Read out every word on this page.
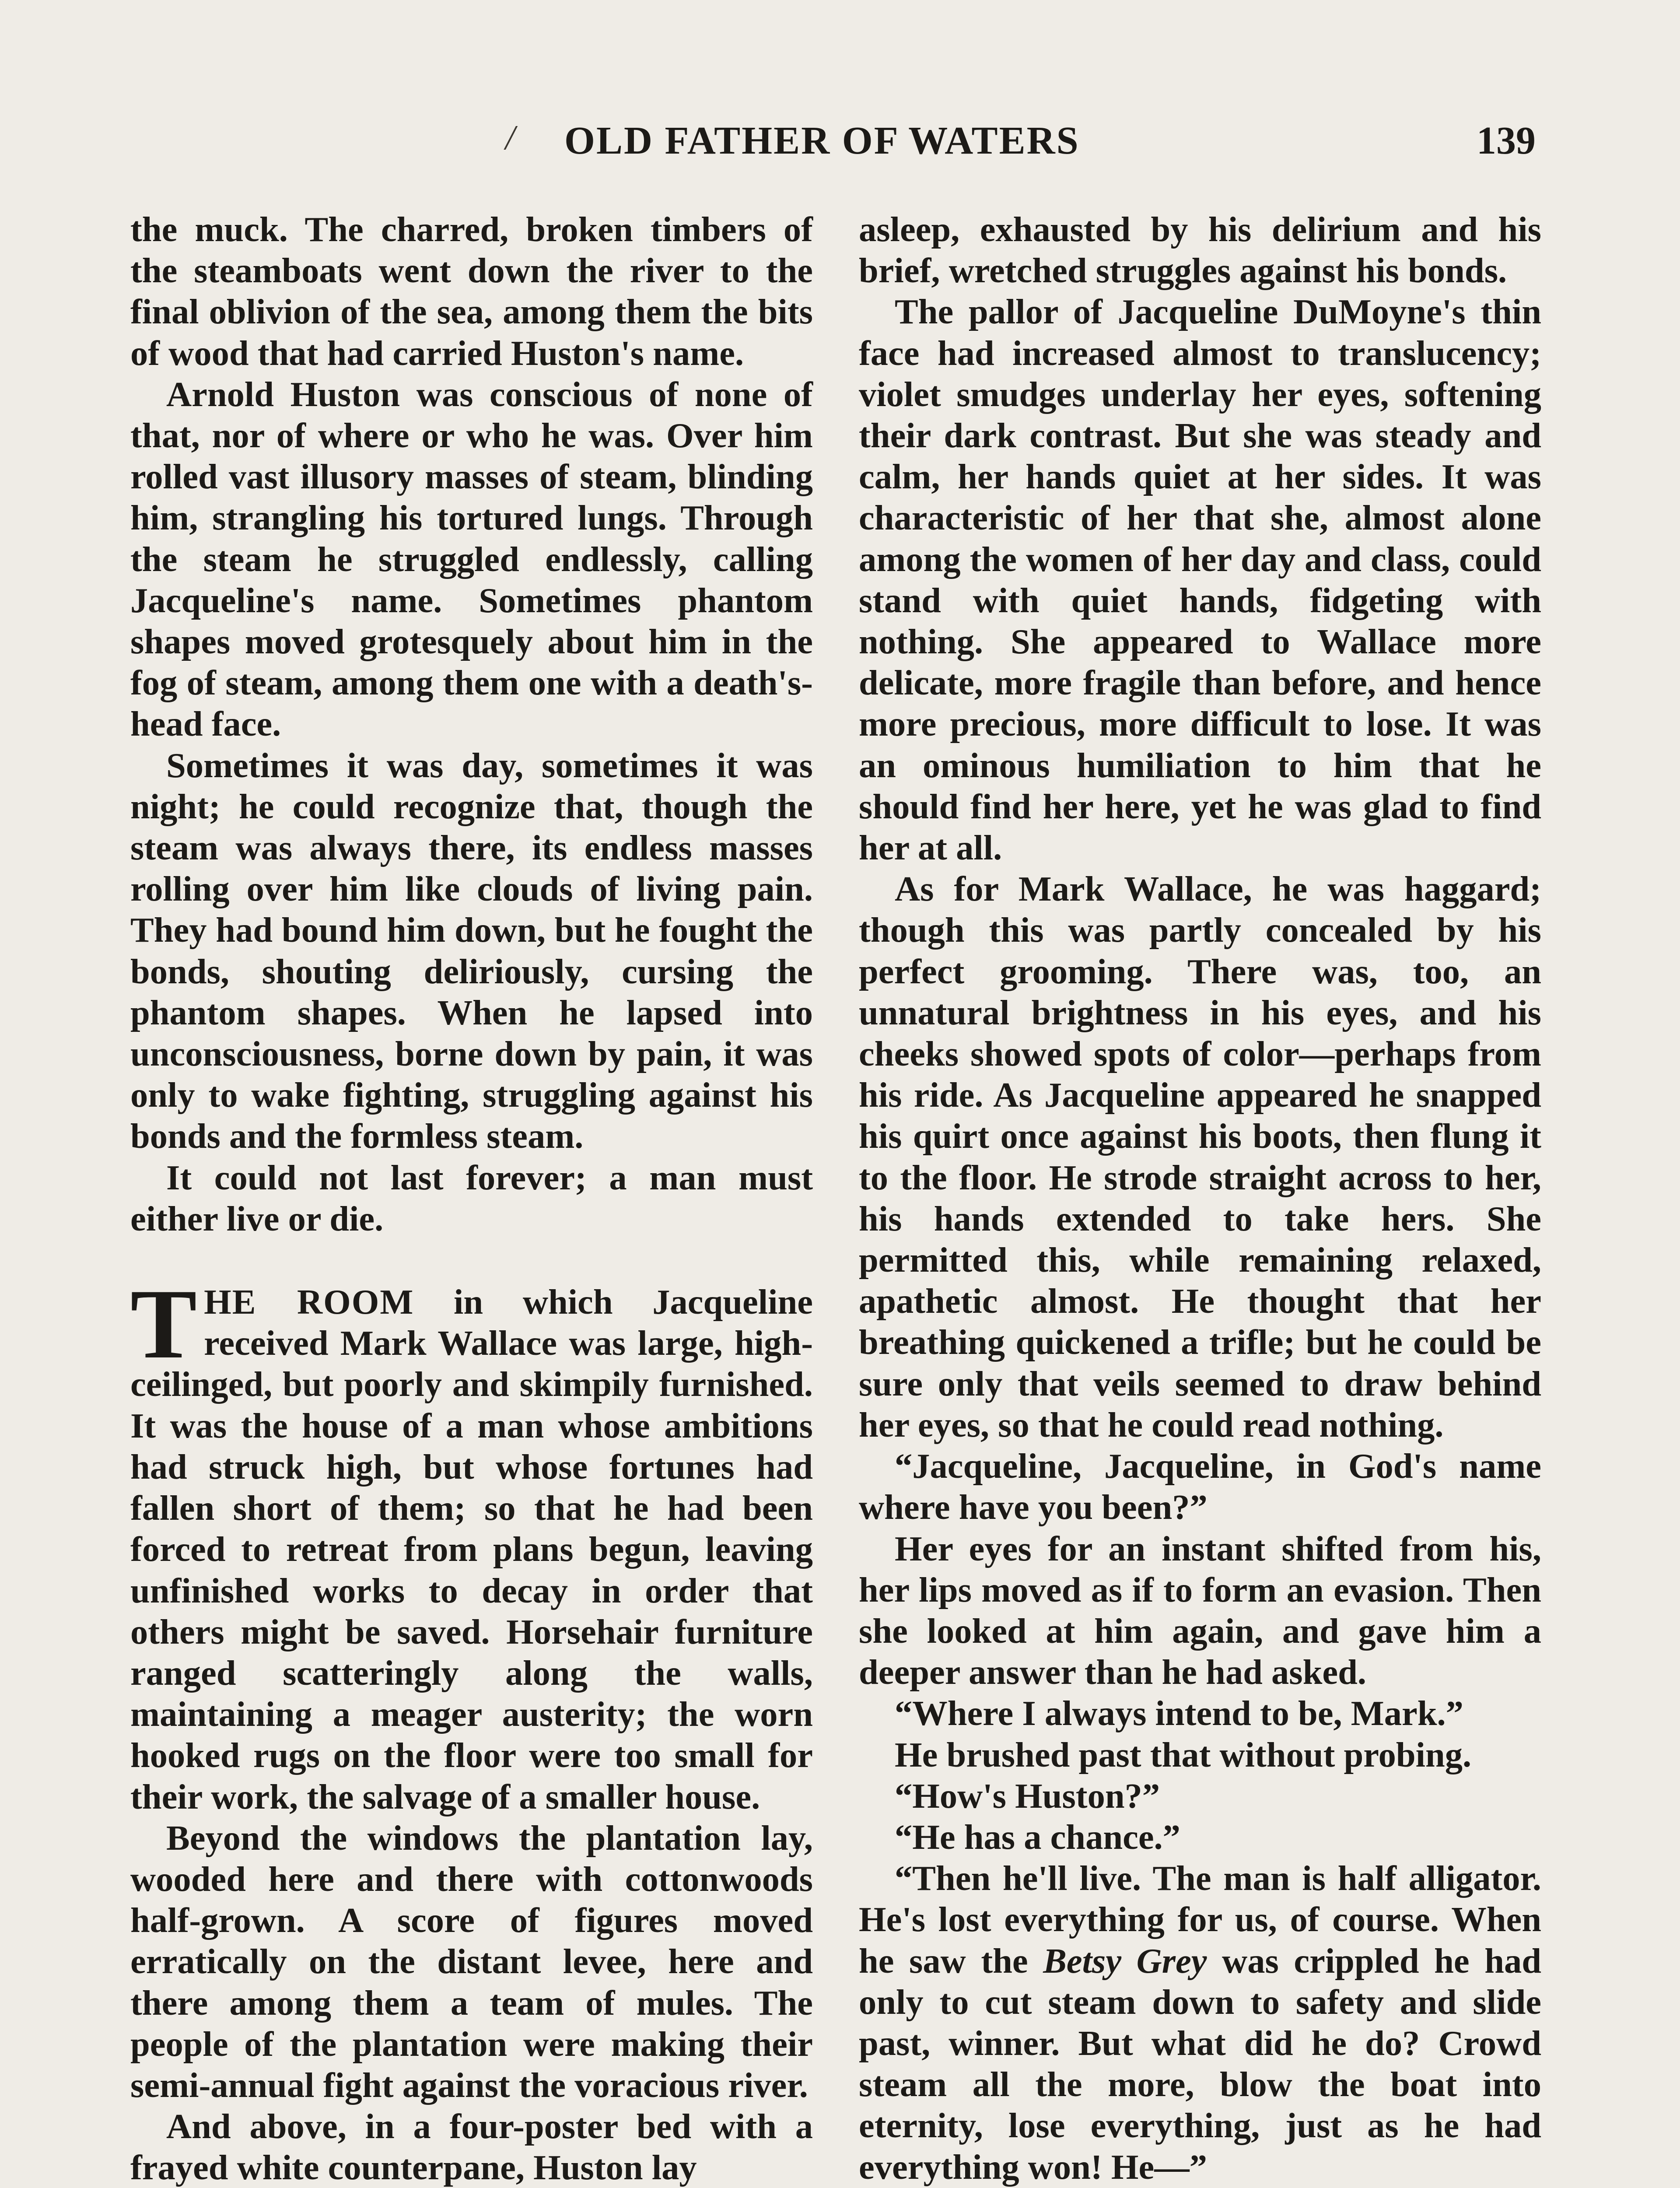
/ OLD FATHER OF WATERS	139

the muck. The charred, broken timbers of the steamboats went down the river to the final oblivion of the sea, among them the bits of wood that had carried Huston's name.

Arnold Huston was conscious of none of that, nor of where or who he was. Over him rolled vast illusory masses of steam, blinding him, strangling his tortured lungs. Through the steam he struggled endlessly, calling Jacqueline's name. Sometimes phantom shapes moved grotesquely about him in the fog of steam, among them one with a death's-head face.

Sometimes it was day, sometimes it was night; he could recognize that, though the steam was always there, its endless masses rolling over him like clouds of living pain. They had bound him down, but he fought the bonds, shouting deliriously, cursing the phantom shapes. When he lapsed into unconsciousness, borne down by pain, it was only to wake fighting, struggling against his bonds and the formless steam.

It could not last forever; a man must either live or die.

THE ROOM in which Jacqueline received Mark Wallace was large, high-ceilinged, but poorly and skimpily furnished. It was the house of a man whose ambitions had struck high, but whose fortunes had fallen short of them; so that he had been forced to retreat from plans begun, leaving unfinished works to decay in order that others might be saved. Horsehair furniture ranged scatteringly along the walls, maintaining a meager austerity; the worn hooked rugs on the floor were too small for their work, the salvage of a smaller house.

Beyond the windows the plantation lay, wooded here and there with cottonwoods half-grown. A score of figures moved erratically on the distant levee, here and there among them a team of mules. The people of the plantation were making their semi-annual fight against the voracious river.

And above, in a four-poster bed with a frayed white counterpane, Huston lay

asleep, exhausted by his delirium and his brief, wretched struggles against his bonds.

The pallor of Jacqueline DuMoyne's thin face had increased almost to translucency; violet smudges underlay her eyes, softening their dark contrast. But she was steady and calm, her hands quiet at her sides. It was characteristic of her that she, almost alone among the women of her day and class, could stand with quiet hands, fidgeting with nothing. She appeared to Wallace more delicate, more fragile than before, and hence more precious, more difficult to lose. It was an ominous humiliation to him that he should find her here, yet he was glad to find her at all.

As for Mark Wallace, he was haggard; though this was partly concealed by his perfect grooming. There was, too, an unnatural brightness in his eyes, and his cheeks showed spots of color—perhaps from his ride. As Jacqueline appeared he snapped his quirt once against his boots, then flung it to the floor. He strode straight across to her, his hands extended to take hers. She permitted this, while remaining relaxed, apathetic almost. He thought that her breathing quickened a trifle; but he could be sure only that veils seemed to draw behind her eyes, so that he could read nothing.

“Jacqueline, Jacqueline, in God's name where have you been?”

Her eyes for an instant shifted from his, her lips moved as if to form an evasion. Then she looked at him again, and gave him a deeper answer than he had asked.

“Where I always intend to be, Mark.”

He brushed past that without probing.

“How's Huston?”

“He has a chance.”

“Then he'll live. The man is half alligator. He's lost everything for us, of course. When he saw the Betsy Grey was crippled he had only to cut steam down to safety and slide past, winner. But what did he do? Crowd steam all the more, blow the boat into eternity, lose everything, just as he had everything won! He—”
